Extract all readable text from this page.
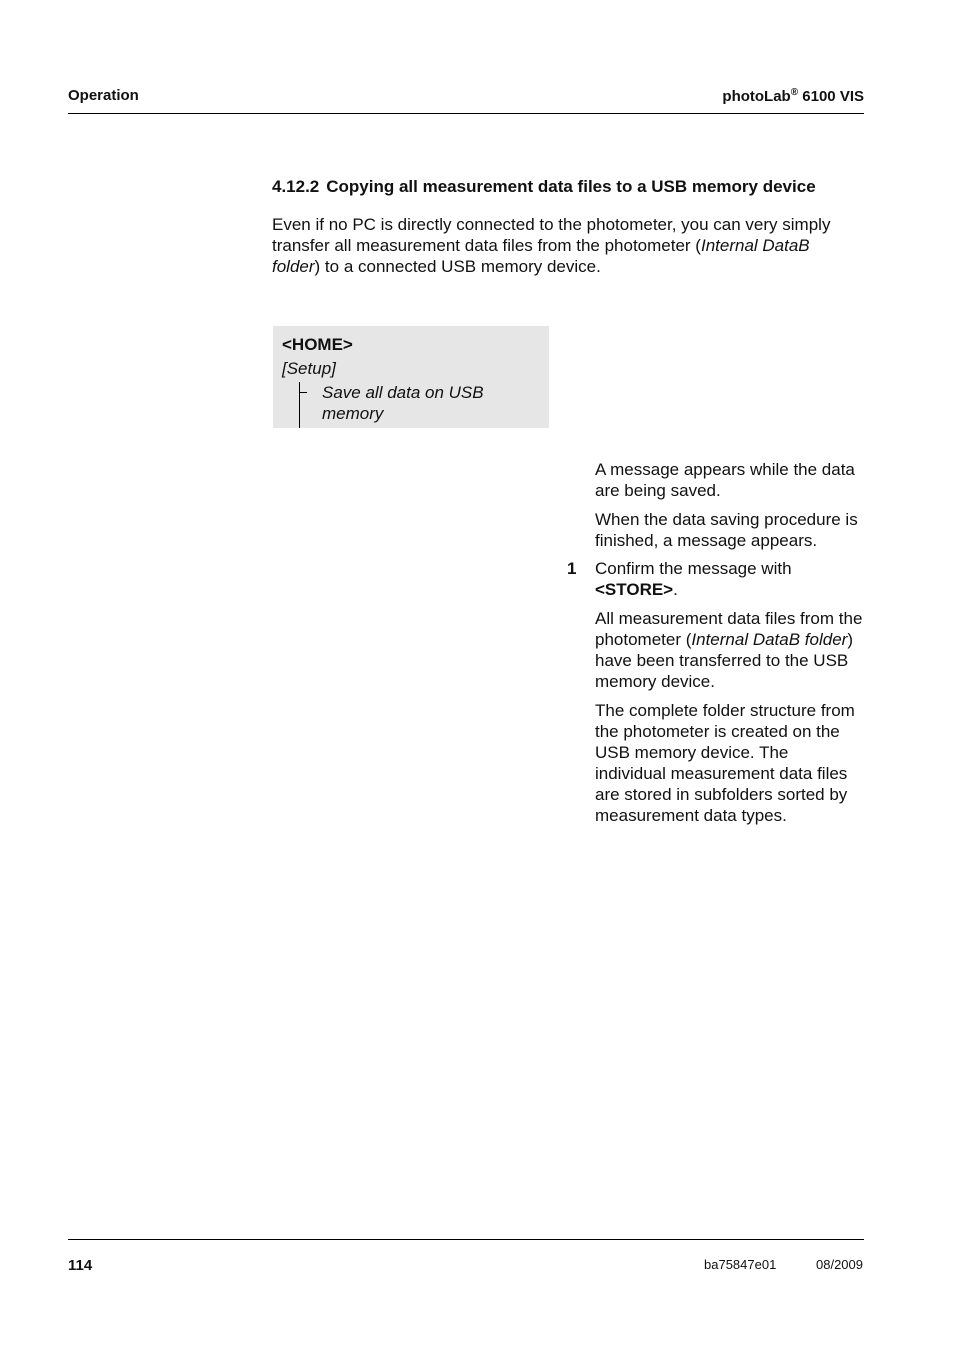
Operation	photoLab® 6100 VIS
4.12.2 Copying all measurement data files to a USB memory device
Even if no PC is directly connected to the photometer, you can very simply transfer all measurement data files from the photometer (Internal DataB folder) to a connected USB memory device.
<HOME>
[Setup]
Save all data on USB memory
A message appears while the data are being saved.
When the data saving procedure is finished, a message appears.
1 Confirm the message with <STORE>.
All measurement data files from the photometer (Internal DataB folder) have been transferred to the USB memory device.
The complete folder structure from the photometer is created on the USB memory device. The individual measurement data files are stored in subfolders sorted by measurement data types.
114	ba75847e01	08/2009
